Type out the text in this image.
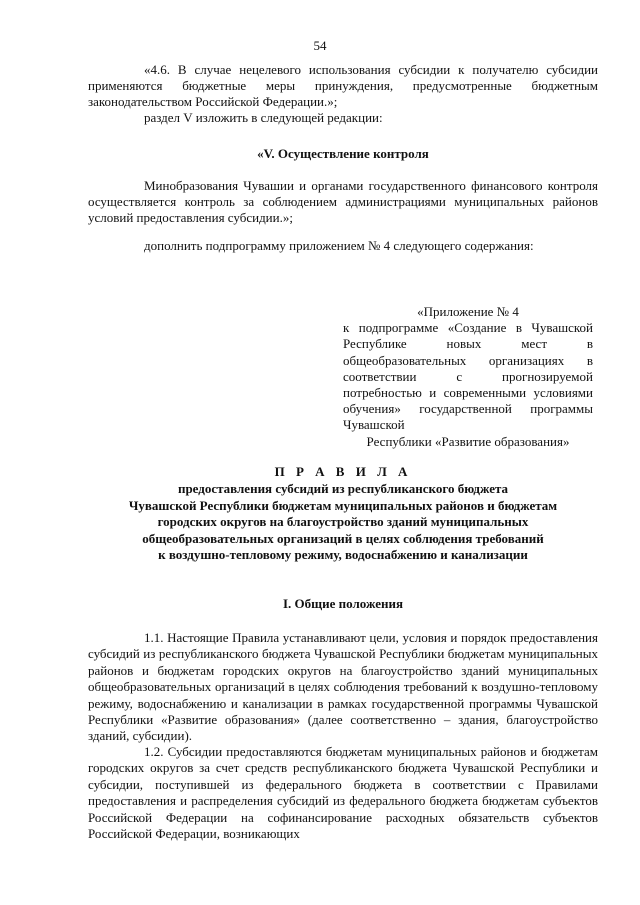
54
«4.6. В случае нецелевого использования субсидии к получателю субсидии применяются бюджетные меры принуждения, предусмотренные бюджетным законодательством Российской Федерации.»;
раздел V изложить в следующей редакции:
«V. Осуществление контроля
Минобразования Чувашии и органами государственного финансового контроля осуществляется контроль за соблюдением администрациями муниципальных районов условий предоставления субсидии.»;
дополнить подпрограмму приложением № 4 следующего содержания:
«Приложение № 4
к подпрограмме «Создание в Чувашской Республике новых мест в общеобразовательных организациях в соответствии с прогнозируемой потребностью и современными условиями обучения» государственной программы Чувашской
Республики «Развитие образования»
П Р А В И Л А
предоставления субсидий из республиканского бюджета
Чувашской Республики бюджетам муниципальных районов и бюджетам
городских округов на благоустройство зданий муниципальных
общеобразовательных организаций в целях соблюдения требований
к воздушно-тепловому режиму, водоснабжению и канализации
I. Общие положения
1.1. Настоящие Правила устанавливают цели, условия и порядок предоставления субсидий из республиканского бюджета Чувашской Республики бюджетам муниципальных районов и бюджетам городских округов на благоустройство зданий муниципальных общеобразовательных организаций в целях соблюдения требований к воздушно-тепловому режиму, водоснабжению и канализации в рамках государственной программы Чувашской Республики «Развитие образования» (далее соответственно – здания, благоустройство зданий, субсидии).
1.2. Субсидии предоставляются бюджетам муниципальных районов и бюджетам городских округов за счет средств республиканского бюджета Чувашской Республики и субсидии, поступившей из федерального бюджета в соответствии с Правилами предоставления и распределения субсидий из федерального бюджета бюджетам субъектов Российской Федерации на софинансирование расходных обязательств субъектов Российской Федерации, возникающих
